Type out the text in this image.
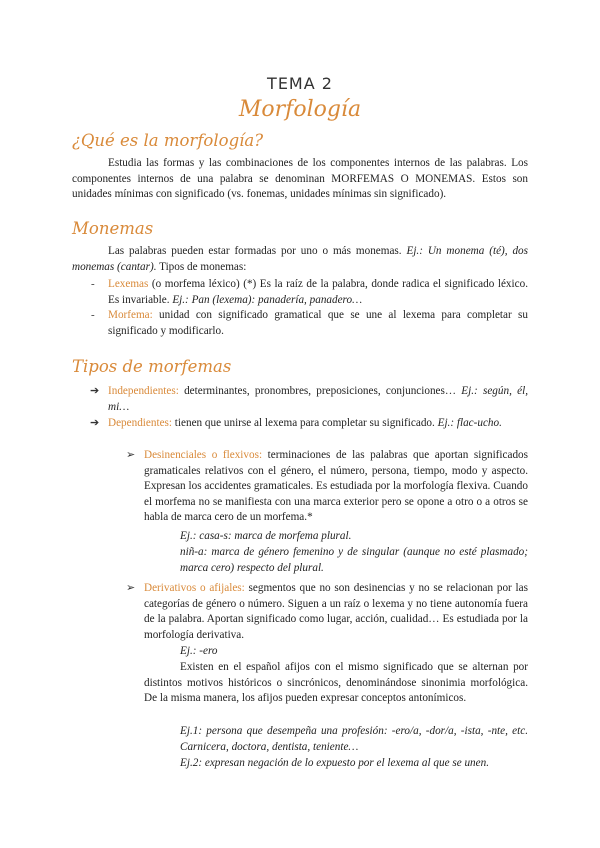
TEMA 2
Morfología
¿Qué es la morfología?

Estudia las formas y las combinaciones de los componentes internos de las palabras. Los componentes internos de una palabra se denominan MORFEMAS O MONEMAS. Estos son unidades mínimas con significado (vs. fonemas, unidades mínimas sin significado).

Monemas

Las palabras pueden estar formadas por uno o más monemas. Ej.: Un monema (té), dos monemas (cantar). Tipos de monemas:

- Lexemas (o morfema léxico) (*) Es la raíz de la palabra, donde radica el significado léxico. Es invariable. Ej.: Pan (lexema): panadería, panadero…
- Morfema: unidad con significado gramatical que se une al lexema para completar su significado y modificarlo.
Tipos de morfemas
➔ Independientes: determinantes, pronombres, preposiciones, conjunciones… Ej.: según, él, mi…
➔ Dependientes: tienen que unirse al lexema para completar su significado. Ej.: flac-ucho.
➢ Desinenciales o flexivos: terminaciones de las palabras que aportan significados gramaticales relativos con el género, el número, persona, tiempo, modo y aspecto. Expresan los accidentes gramaticales. Es estudiada por la morfología flexiva. Cuando el morfema no se manifiesta con una marca exterior pero se opone a otro o a otros se habla de marca cero de un morfema.*
Ej.: casa-s: marca de morfema plural.
niñ-a: marca de género femenino y de singular (aunque no esté plasmado; marca cero) respecto del plural.
➢ Derivativos o afijales: segmentos que no son desinencias y no se relacionan por las categorías de género o número. Siguen a un raíz o lexema y no tiene autonomía fuera de la palabra. Aportan significado como lugar, acción, cualidad… Es estudiada por la morfología derivativa.
Ej.: -ero
Existen en el español afijos con el mismo significado que se alternan por distintos motivos históricos o sincrónicos, denominándose sinonimia morfológica. De la misma manera, los afijos pueden expresar conceptos antonímicos.
Ej.1: persona que desempeña una profesión: -ero/a, -dor/a, -ista, -nte, etc. Carnicera, doctora, dentista, teniente…
Ej.2: expresan negación de lo expuesto por el lexema al que se unen.
